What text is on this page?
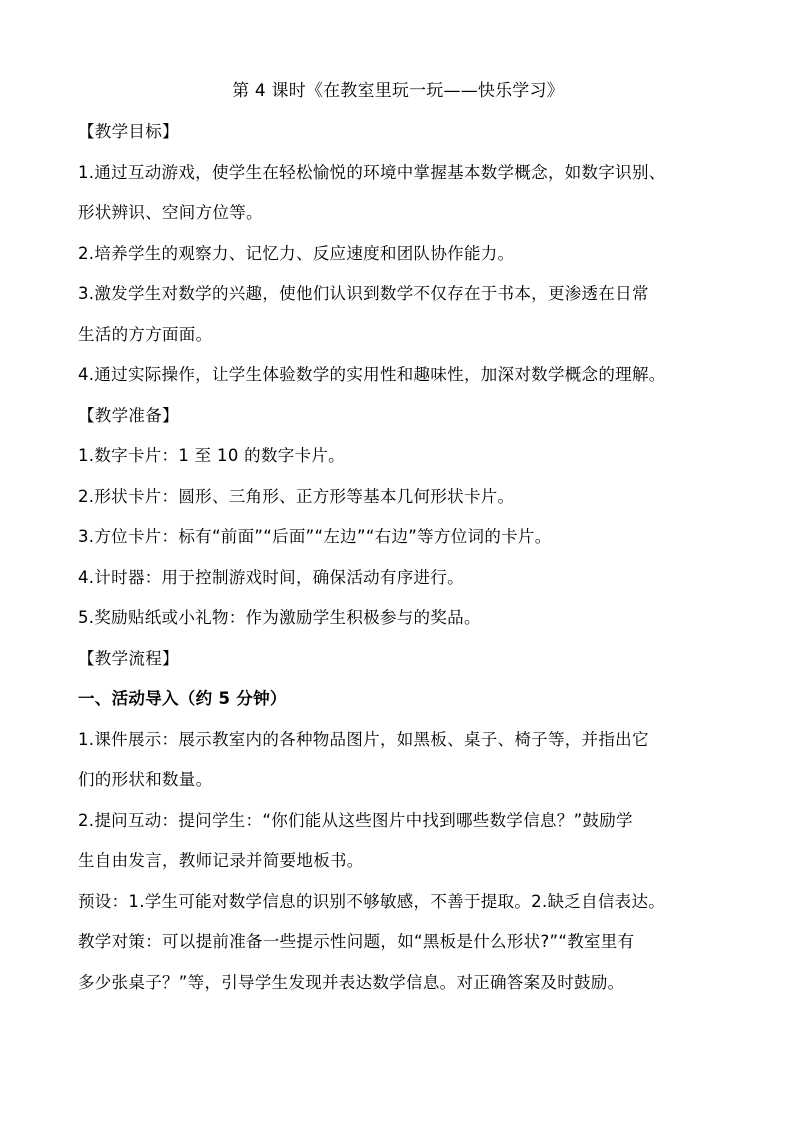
第 4 课时《在教室里玩一玩——快乐学习》

【教学目标】

1.通过互动游戏，使学生在轻松愉悦的环境中掌握基本数学概念，如数字识别、

形状辨识、空间方位等。

2.培养学生的观察力、记忆力、反应速度和团队协作能力。

3.激发学生对数学的兴趣，使他们认识到数学不仅存在于书本，更渗透在日常

生活的方方面面。

4.通过实际操作，让学生体验数学的实用性和趣味性，加深对数学概念的理解。

【教学准备】

1.数字卡片：1 至 10 的数字卡片。

2.形状卡片：圆形、三角形、正方形等基本几何形状卡片。

3.方位卡片：标有“前面”“后面”“左边”“右边”等方位词的卡片。

4.计时器：用于控制游戏时间，确保活动有序进行。

5.奖励贴纸或小礼物：作为激励学生积极参与的奖品。

【教学流程】

一、活动导入（约 5 分钟）

1.课件展示：展示教室内的各种物品图片，如黑板、桌子、椅子等，并指出它

们的形状和数量。

2.提问互动：提问学生：“你们能从这些图片中找到哪些数学信息？”鼓励学

生自由发言，教师记录并简要地板书。

预设：1.学生可能对数学信息的识别不够敏感，不善于提取。2.缺乏自信表达。

教学对策：可以提前准备一些提示性问题，如“黑板是什么形状?”“教室里有

多少张桌子？”等，引导学生发现并表达数学信息。对正确答案及时鼓励。
